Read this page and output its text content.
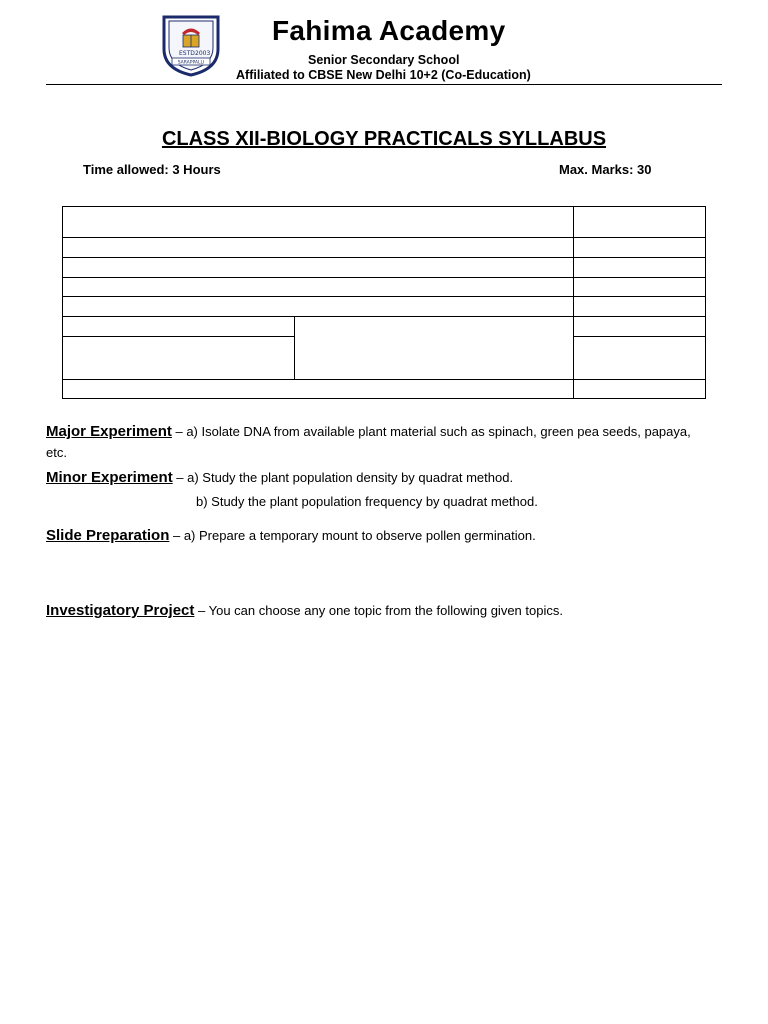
ESTD 2003
SARAPPALLI
Fahima Academy
Senior Secondary School
Affiliated to CBSE New Delhi 10+2 (Co-Education)
CLASS XII-BIOLOGY PRACTICALS SYLLABUS
Time allowed: 3 Hours	Max. Marks: 30
Major Experiment – a) Isolate DNA from available plant material such as spinach, green pea seeds, papaya, etc.
Minor Experiment – a) Study the plant population density by quadrat method.
b) Study the plant population frequency by quadrat method.
Slide Preparation – a) Prepare a temporary mount to observe pollen germination.
Investigatory Project – You can choose any one topic from the following given topics.
